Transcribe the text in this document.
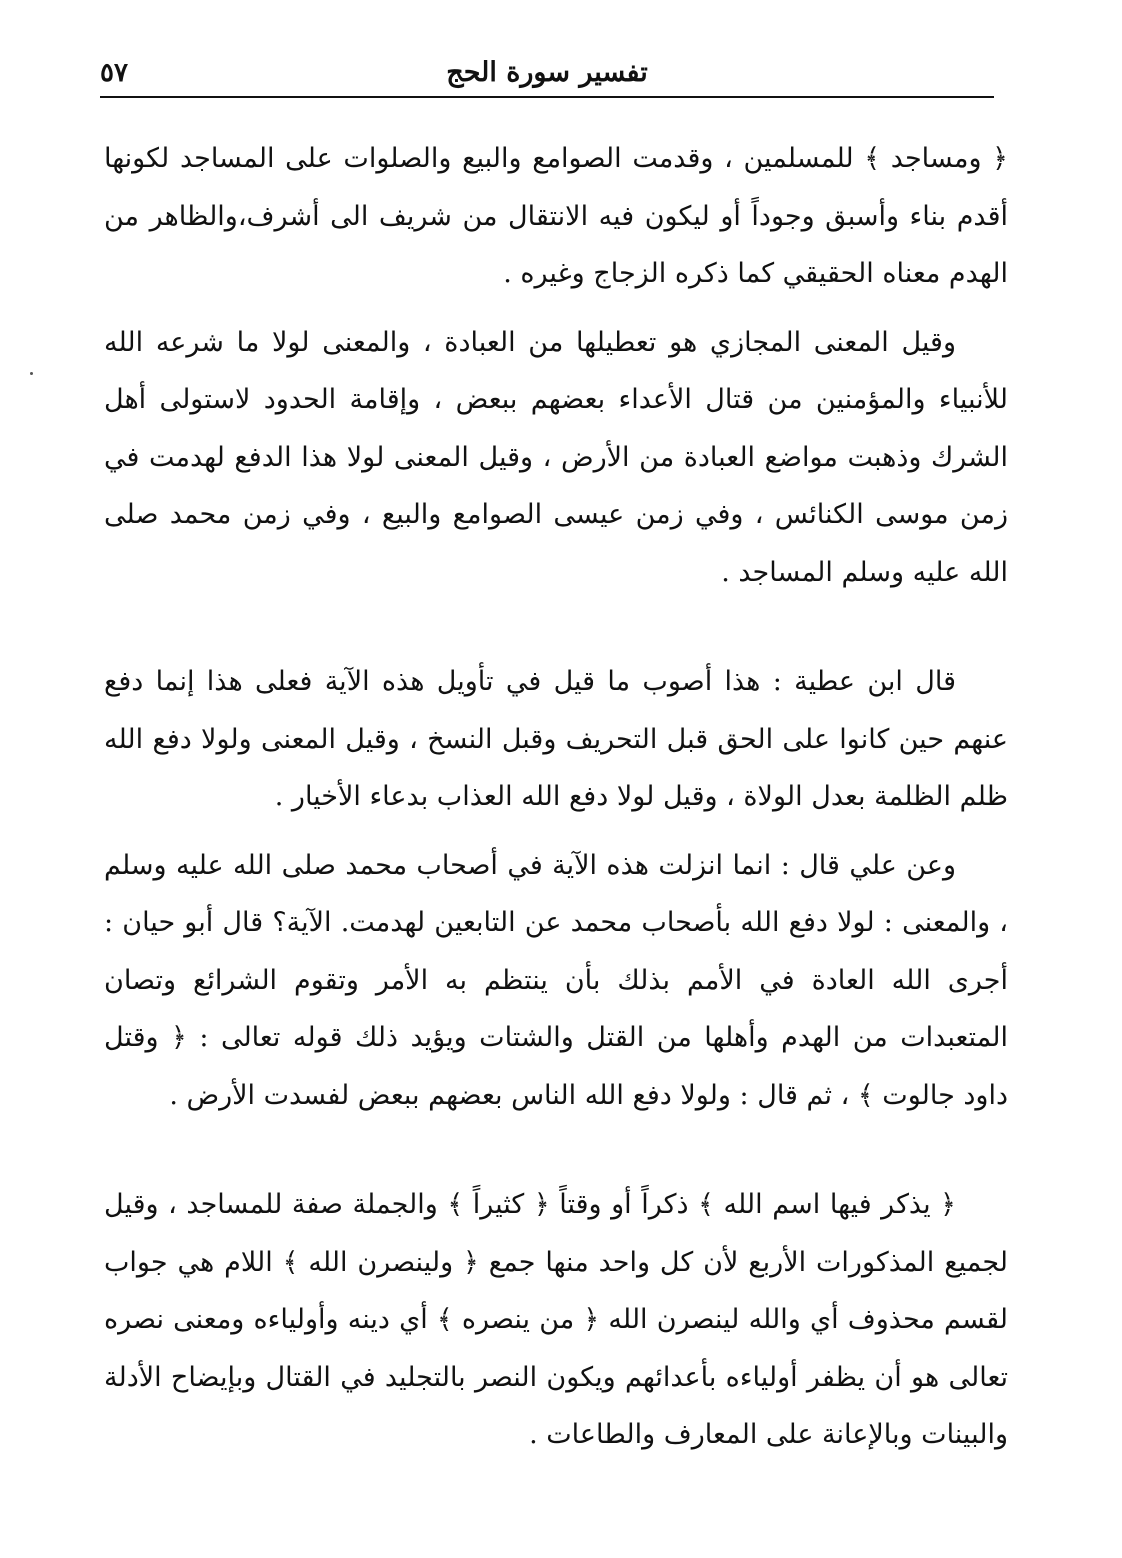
تفسير سورة الحج
٥٧

﴿ ومساجد ﴾ للمسلمين ، وقدمت الصوامع والبيع والصلوات على المساجد لكونها أقدم بناء وأسبق وجوداً أو ليكون فيه الانتقال من شريف الى أشرف،والظاهر من الهدم معناه الحقيقي كما ذكره الزجاج وغيره .

وقيل المعنى المجازي هو تعطيلها من العبادة ، والمعنى لولا ما شرعه الله للأنبياء والمؤمنين من قتال الأعداء بعضهم ببعض ، وإقامة الحدود لاستولى أهل الشرك وذهبت مواضع العبادة من الأرض ، وقيل المعنى لولا هذا الدفع لهدمت في زمن موسى الكنائس ، وفي زمن عيسى الصوامع والبيع ، وفي زمن محمد صلى الله عليه وسلم المساجد .

قال ابن عطية : هذا أصوب ما قيل في تأويل هذه الآية فعلى هذا إنما دفع عنهم حين كانوا على الحق قبل التحريف وقبل النسخ ، وقيل المعنى ولولا دفع الله ظلم الظلمة بعدل الولاة ، وقيل لولا دفع الله العذاب بدعاء الأخيار .

وعن علي قال : انما انزلت هذه الآية في أصحاب محمد صلى الله عليه وسلم ، والمعنى : لولا دفع الله بأصحاب محمد عن التابعين لهدمت. الآية؟ قال أبو حيان : أجرى الله العادة في الأمم بذلك بأن ينتظم به الأمر وتقوم الشرائع وتصان المتعبدات من الهدم وأهلها من القتل والشتات ويؤيد ذلك قوله تعالى : ﴿ وقتل داود جالوت ﴾ ، ثم قال : ولولا دفع الله الناس بعضهم ببعض لفسدت الأرض .

﴿ يذكر فيها اسم الله ﴾ ذكراً أو وقتاً ﴿ كثيراً ﴾ والجملة صفة للمساجد ، وقيل لجميع المذكورات الأربع لأن كل واحد منها جمع ﴿ ولينصرن الله ﴾ اللام هي جواب لقسم محذوف أي والله لينصرن الله ﴿ من ينصره ﴾ أي دينه وأولياءه ومعنى نصره تعالى هو أن يظفر أولياءه بأعدائهم ويكون النصر بالتجليد في القتال وبإيضاح الأدلة والبينات وبالإعانة على المعارف والطاعات .
